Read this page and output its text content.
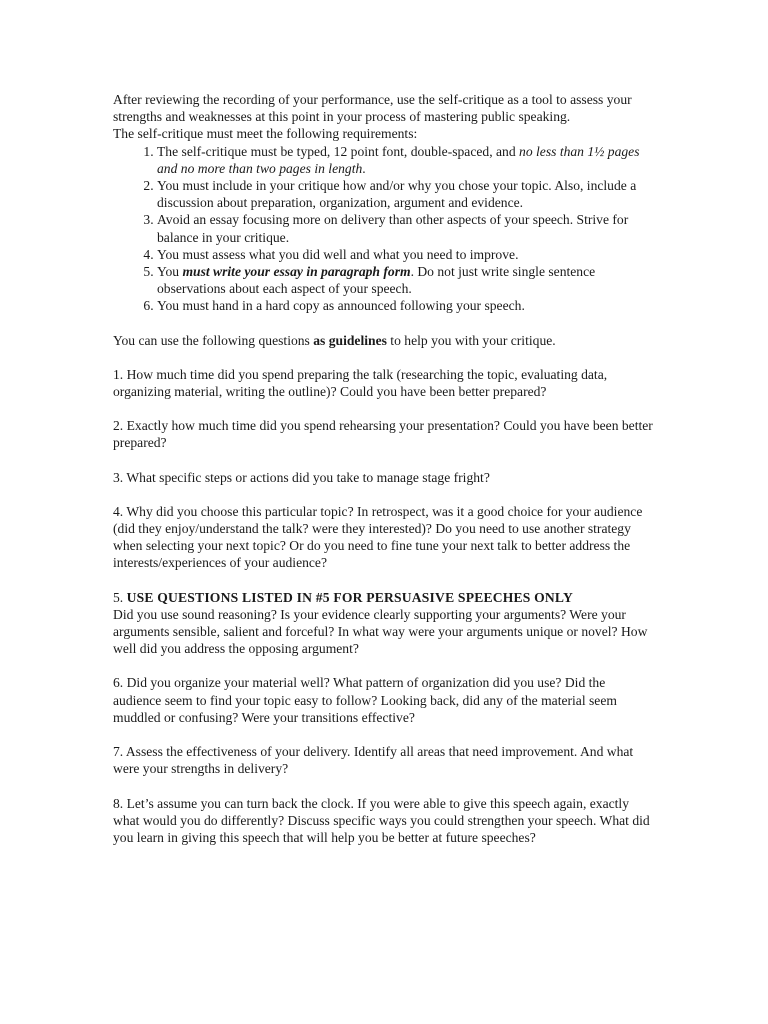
After reviewing the recording of your performance, use the self-critique as a tool to assess your strengths and weaknesses at this point in your process of mastering public speaking.

The self-critique must meet the following requirements:

1. The self-critique must be typed, 12 point font, double-spaced, and no less than 1½ pages and no more than two pages in length.
2. You must include in your critique how and/or why you chose your topic. Also, include a discussion about preparation, organization, argument and evidence.
3. Avoid an essay focusing more on delivery than other aspects of your speech. Strive for balance in your critique.
4. You must assess what you did well and what you need to improve.
5. You must write your essay in paragraph form. Do not just write single sentence observations about each aspect of your speech.
6. You must hand in a hard copy as announced following your speech.

You can use the following questions as guidelines to help you with your critique.

1. How much time did you spend preparing the talk (researching the topic, evaluating data, organizing material, writing the outline)? Could you have been better prepared?

2. Exactly how much time did you spend rehearsing your presentation? Could you have been better prepared?

3. What specific steps or actions did you take to manage stage fright?

4. Why did you choose this particular topic? In retrospect, was it a good choice for your audience (did they enjoy/understand the talk? were they interested)? Do you need to use another strategy when selecting your next topic? Or do you need to fine tune your next talk to better address the interests/experiences of your audience?

5. USE QUESTIONS LISTED IN #5 FOR PERSUASIVE SPEECHES ONLY

Did you use sound reasoning? Is your evidence clearly supporting your arguments? Were your arguments sensible, salient and forceful? In what way were your arguments unique or novel? How well did you address the opposing argument?

6. Did you organize your material well? What pattern of organization did you use? Did the audience seem to find your topic easy to follow? Looking back, did any of the material seem muddled or confusing? Were your transitions effective?

7. Assess the effectiveness of your delivery. Identify all areas that need improvement. And what were your strengths in delivery?

8. Let’s assume you can turn back the clock. If you were able to give this speech again, exactly what would you do differently? Discuss specific ways you could strengthen your speech. What did you learn in giving this speech that will help you be better at future speeches?
